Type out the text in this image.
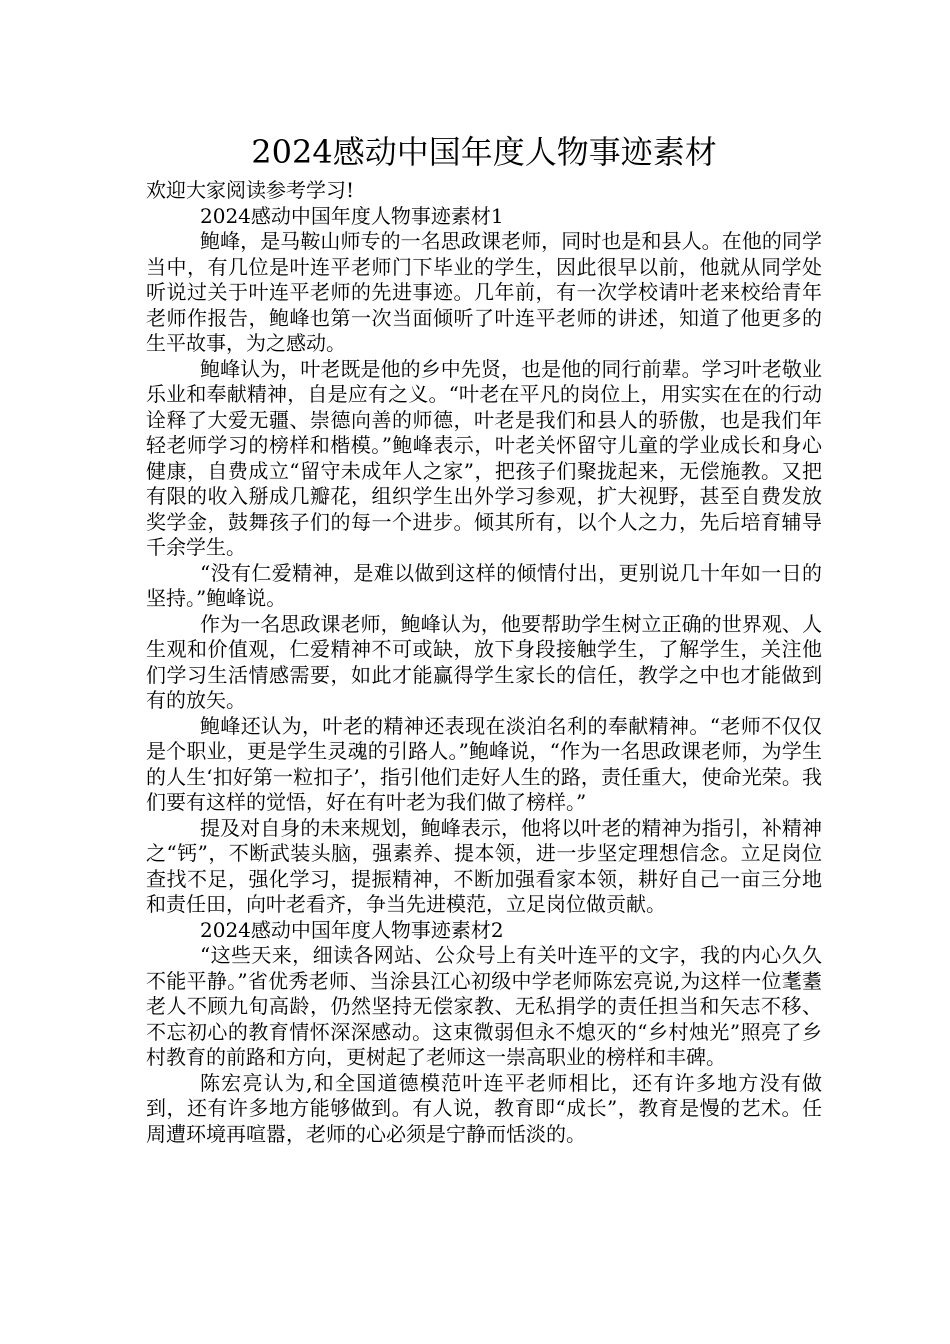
2024感动中国年度人物事迹素材

欢迎大家阅读参考学习!

2024感动中国年度人物事迹素材1

鲍峰，是马鞍山师专的一名思政课老师，同时也是和县人。在他的同学当中，有几位是叶连平老师门下毕业的学生，因此很早以前，他就从同学处听说过关于叶连平老师的先进事迹。几年前，有一次学校请叶老来校给青年老师作报告，鲍峰也第一次当面倾听了叶连平老师的讲述，知道了他更多的生平故事，为之感动。

鲍峰认为，叶老既是他的乡中先贤，也是他的同行前辈。学习叶老敬业乐业和奉献精神，自是应有之义。“叶老在平凡的岗位上，用实实在在的行动诠释了大爱无疆、崇德向善的师德，叶老是我们和县人的骄傲，也是我们年轻老师学习的榜样和楷模。”鲍峰表示，叶老关怀留守儿童的学业成长和身心健康，自费成立“留守未成年人之家”，把孩子们聚拢起来，无偿施教。又把有限的收入掰成几瓣花，组织学生出外学习参观，扩大视野，甚至自费发放奖学金，鼓舞孩子们的每一个进步。倾其所有，以个人之力，先后培育辅导千余学生。

“没有仁爱精神，是难以做到这样的倾情付出，更别说几十年如一日的坚持。”鲍峰说。

作为一名思政课老师，鲍峰认为，他要帮助学生树立正确的世界观、人生观和价值观，仁爱精神不可或缺，放下身段接触学生，了解学生，关注他们学习生活情感需要，如此才能赢得学生家长的信任，教学之中也才能做到有的放矢。

鲍峰还认为，叶老的精神还表现在淡泊名利的奉献精神。“老师不仅仅是个职业，更是学生灵魂的引路人。”鲍峰说，“作为一名思政课老师，为学生的人生‘扣好第一粒扣子’，指引他们走好人生的路，责任重大，使命光荣。我们要有这样的觉悟，好在有叶老为我们做了榜样。”

提及对自身的未来规划，鲍峰表示，他将以叶老的精神为指引，补精神之“钙”，不断武装头脑，强素养、提本领，进一步坚定理想信念。立足岗位查找不足，强化学习，提振精神，不断加强看家本领，耕好自己一亩三分地和责任田，向叶老看齐，争当先进模范，立足岗位做贡献。

2024感动中国年度人物事迹素材2

“这些天来，细读各网站、公众号上有关叶连平的文字，我的内心久久不能平静。”省优秀老师、当涂县江心初级中学老师陈宏亮说,为这样一位耄耋老人不顾九旬高龄，仍然坚持无偿家教、无私捐学的责任担当和矢志不移、不忘初心的教育情怀深深感动。这束微弱但永不熄灭的“乡村烛光”照亮了乡村教育的前路和方向，更树起了老师这一崇高职业的榜样和丰碑。

陈宏亮认为,和全国道德模范叶连平老师相比，还有许多地方没有做到，还有许多地方能够做到。有人说，教育即“成长”，教育是慢的艺术。任周遭环境再喧嚣，老师的心必须是宁静而恬淡的。
